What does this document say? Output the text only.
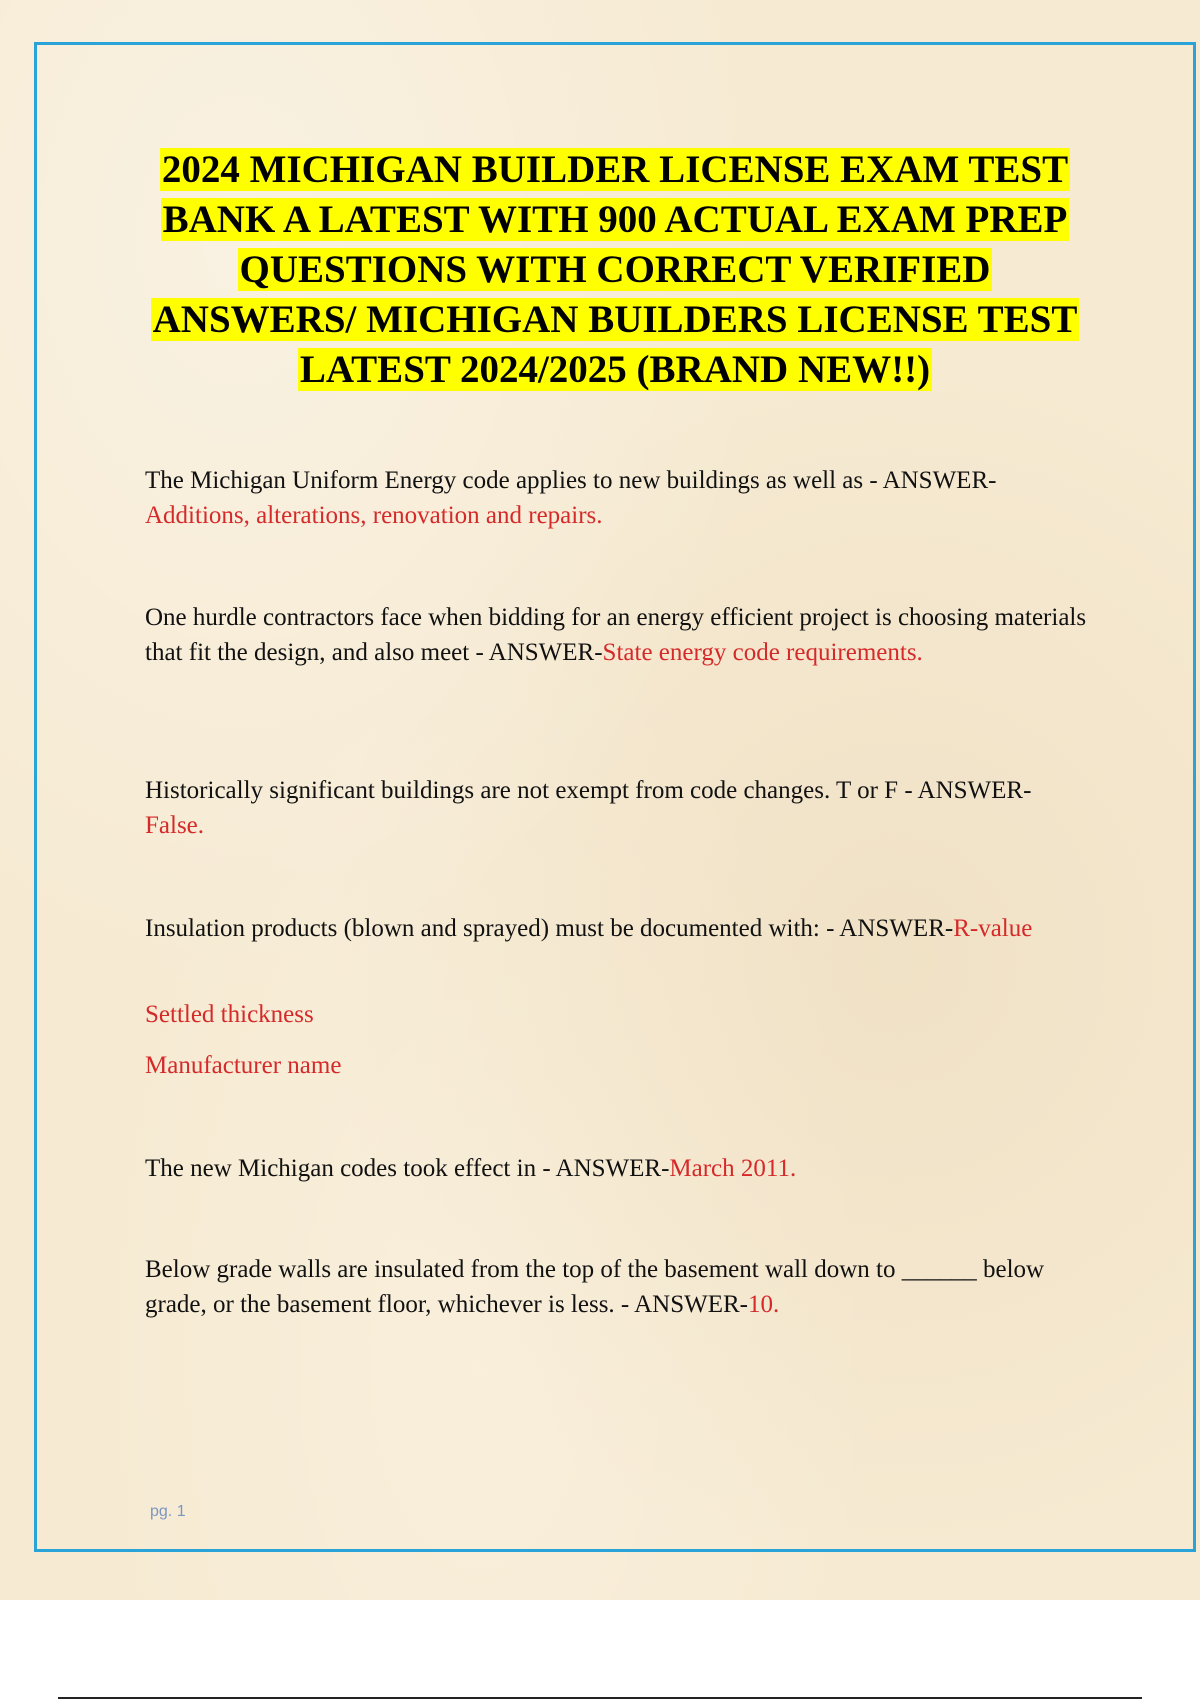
2024 MICHIGAN BUILDER LICENSE EXAM TEST BANK A LATEST WITH 900 ACTUAL EXAM PREP QUESTIONS WITH CORRECT VERIFIED ANSWERS/ MICHIGAN BUILDERS LICENSE TEST LATEST 2024/2025 (BRAND NEW!!)

The Michigan Uniform Energy code applies to new buildings as well as - ANSWER-Additions, alterations, renovation and repairs.

One hurdle contractors face when bidding for an energy efficient project is choosing materials that fit the design, and also meet - ANSWER-State energy code requirements.

Historically significant buildings are not exempt from code changes. T or F - ANSWER-False.

Insulation products (blown and sprayed) must be documented with: - ANSWER-R-value

Settled thickness

Manufacturer name

The new Michigan codes took effect in - ANSWER-March 2011.

Below grade walls are insulated from the top of the basement wall down to ______ below grade, or the basement floor, whichever is less. - ANSWER-10.

pg. 1
